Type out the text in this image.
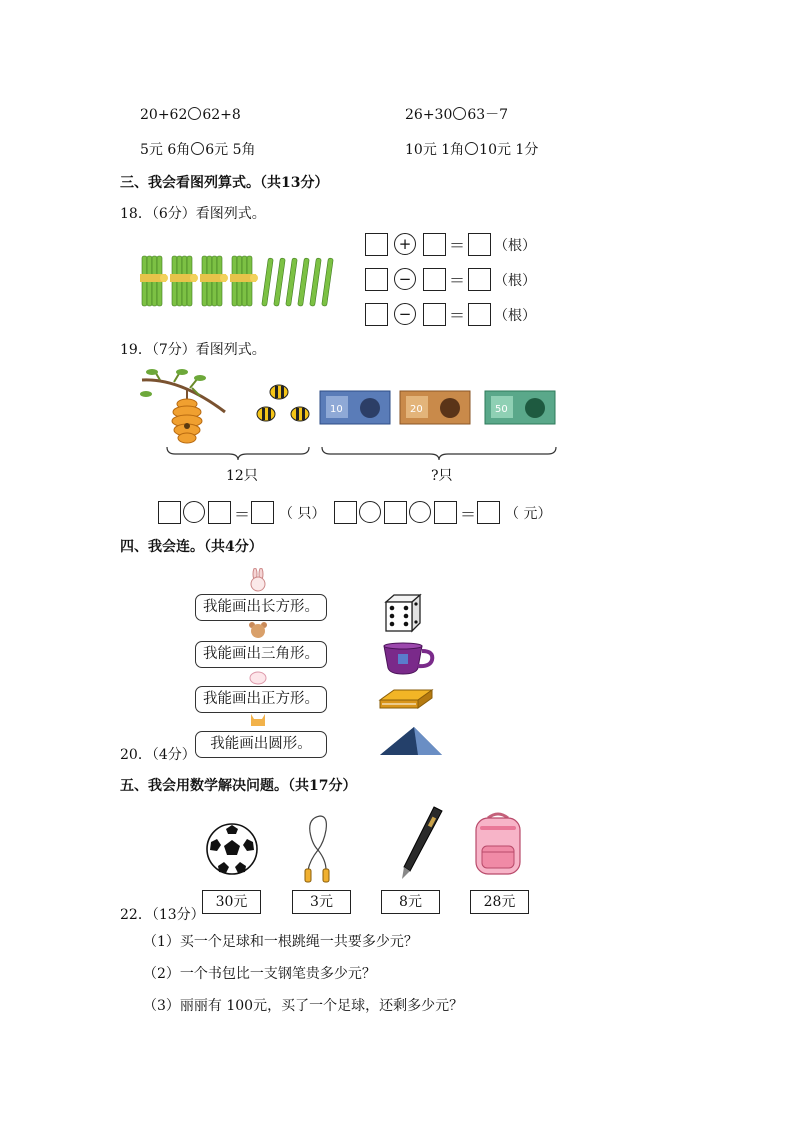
20+62 62+8	26+30 63－7
5元 6角 6元 5角	10元 1角 10元 1分
三、我会看图列算式。（共13分）
18．（6分）看图列式。
+ ＝ （根）
− ＝ （根）
− ＝ （根）
19．（7分）看图列式。
10	20	50
12只	?只
＝ （ 只）	＝ （ 元）
四、我会连。（共4分）
我能画出长方形。
我能画出三角形。
我能画出正方形。
我能画出圆形。
20．（4分）
五、我会用数学解决问题。（共17分）
30元	3元	8元	28元
22．（13分）
（1）买一个足球和一根跳绳一共要多少元？
（2）一个书包比一支钢笔贵多少元？
（3）丽丽有 100元，买了一个足球，还剩多少元？
